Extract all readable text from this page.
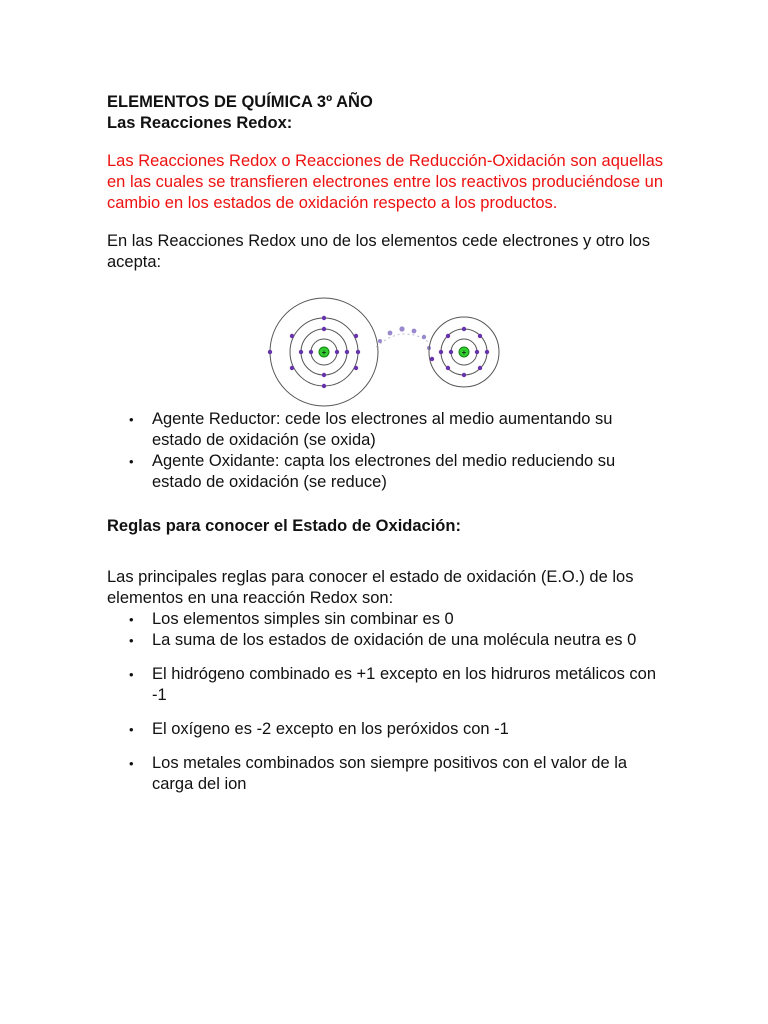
ELEMENTOS DE QUÍMICA 3º AÑO
Las Reacciones Redox:
Las Reacciones Redox o Reacciones de Reducción-Oxidación son aquellas en las cuales se transfieren electrones entre los reactivos produciéndose un cambio en los estados de oxidación respecto a los productos.
En las Reacciones Redox uno de los elementos cede electrones y otro los acepta:
+	+
• Agente Reductor: cede los electrones al medio aumentando su estado de oxidación (se oxida)
• Agente Oxidante: capta los electrones del medio reduciendo su estado de oxidación (se reduce)
Reglas para conocer el Estado de Oxidación:
Las principales reglas para conocer el estado de oxidación (E.O.) de los elementos en una reacción Redox son:
• Los elementos simples sin combinar es 0
• La suma de los estados de oxidación de una molécula neutra es 0
• El hidrógeno combinado es +1 excepto en los hidruros metálicos con -1
• El oxígeno es -2 excepto en los peróxidos con -1
• Los metales combinados son siempre positivos con el valor de la carga del ion
